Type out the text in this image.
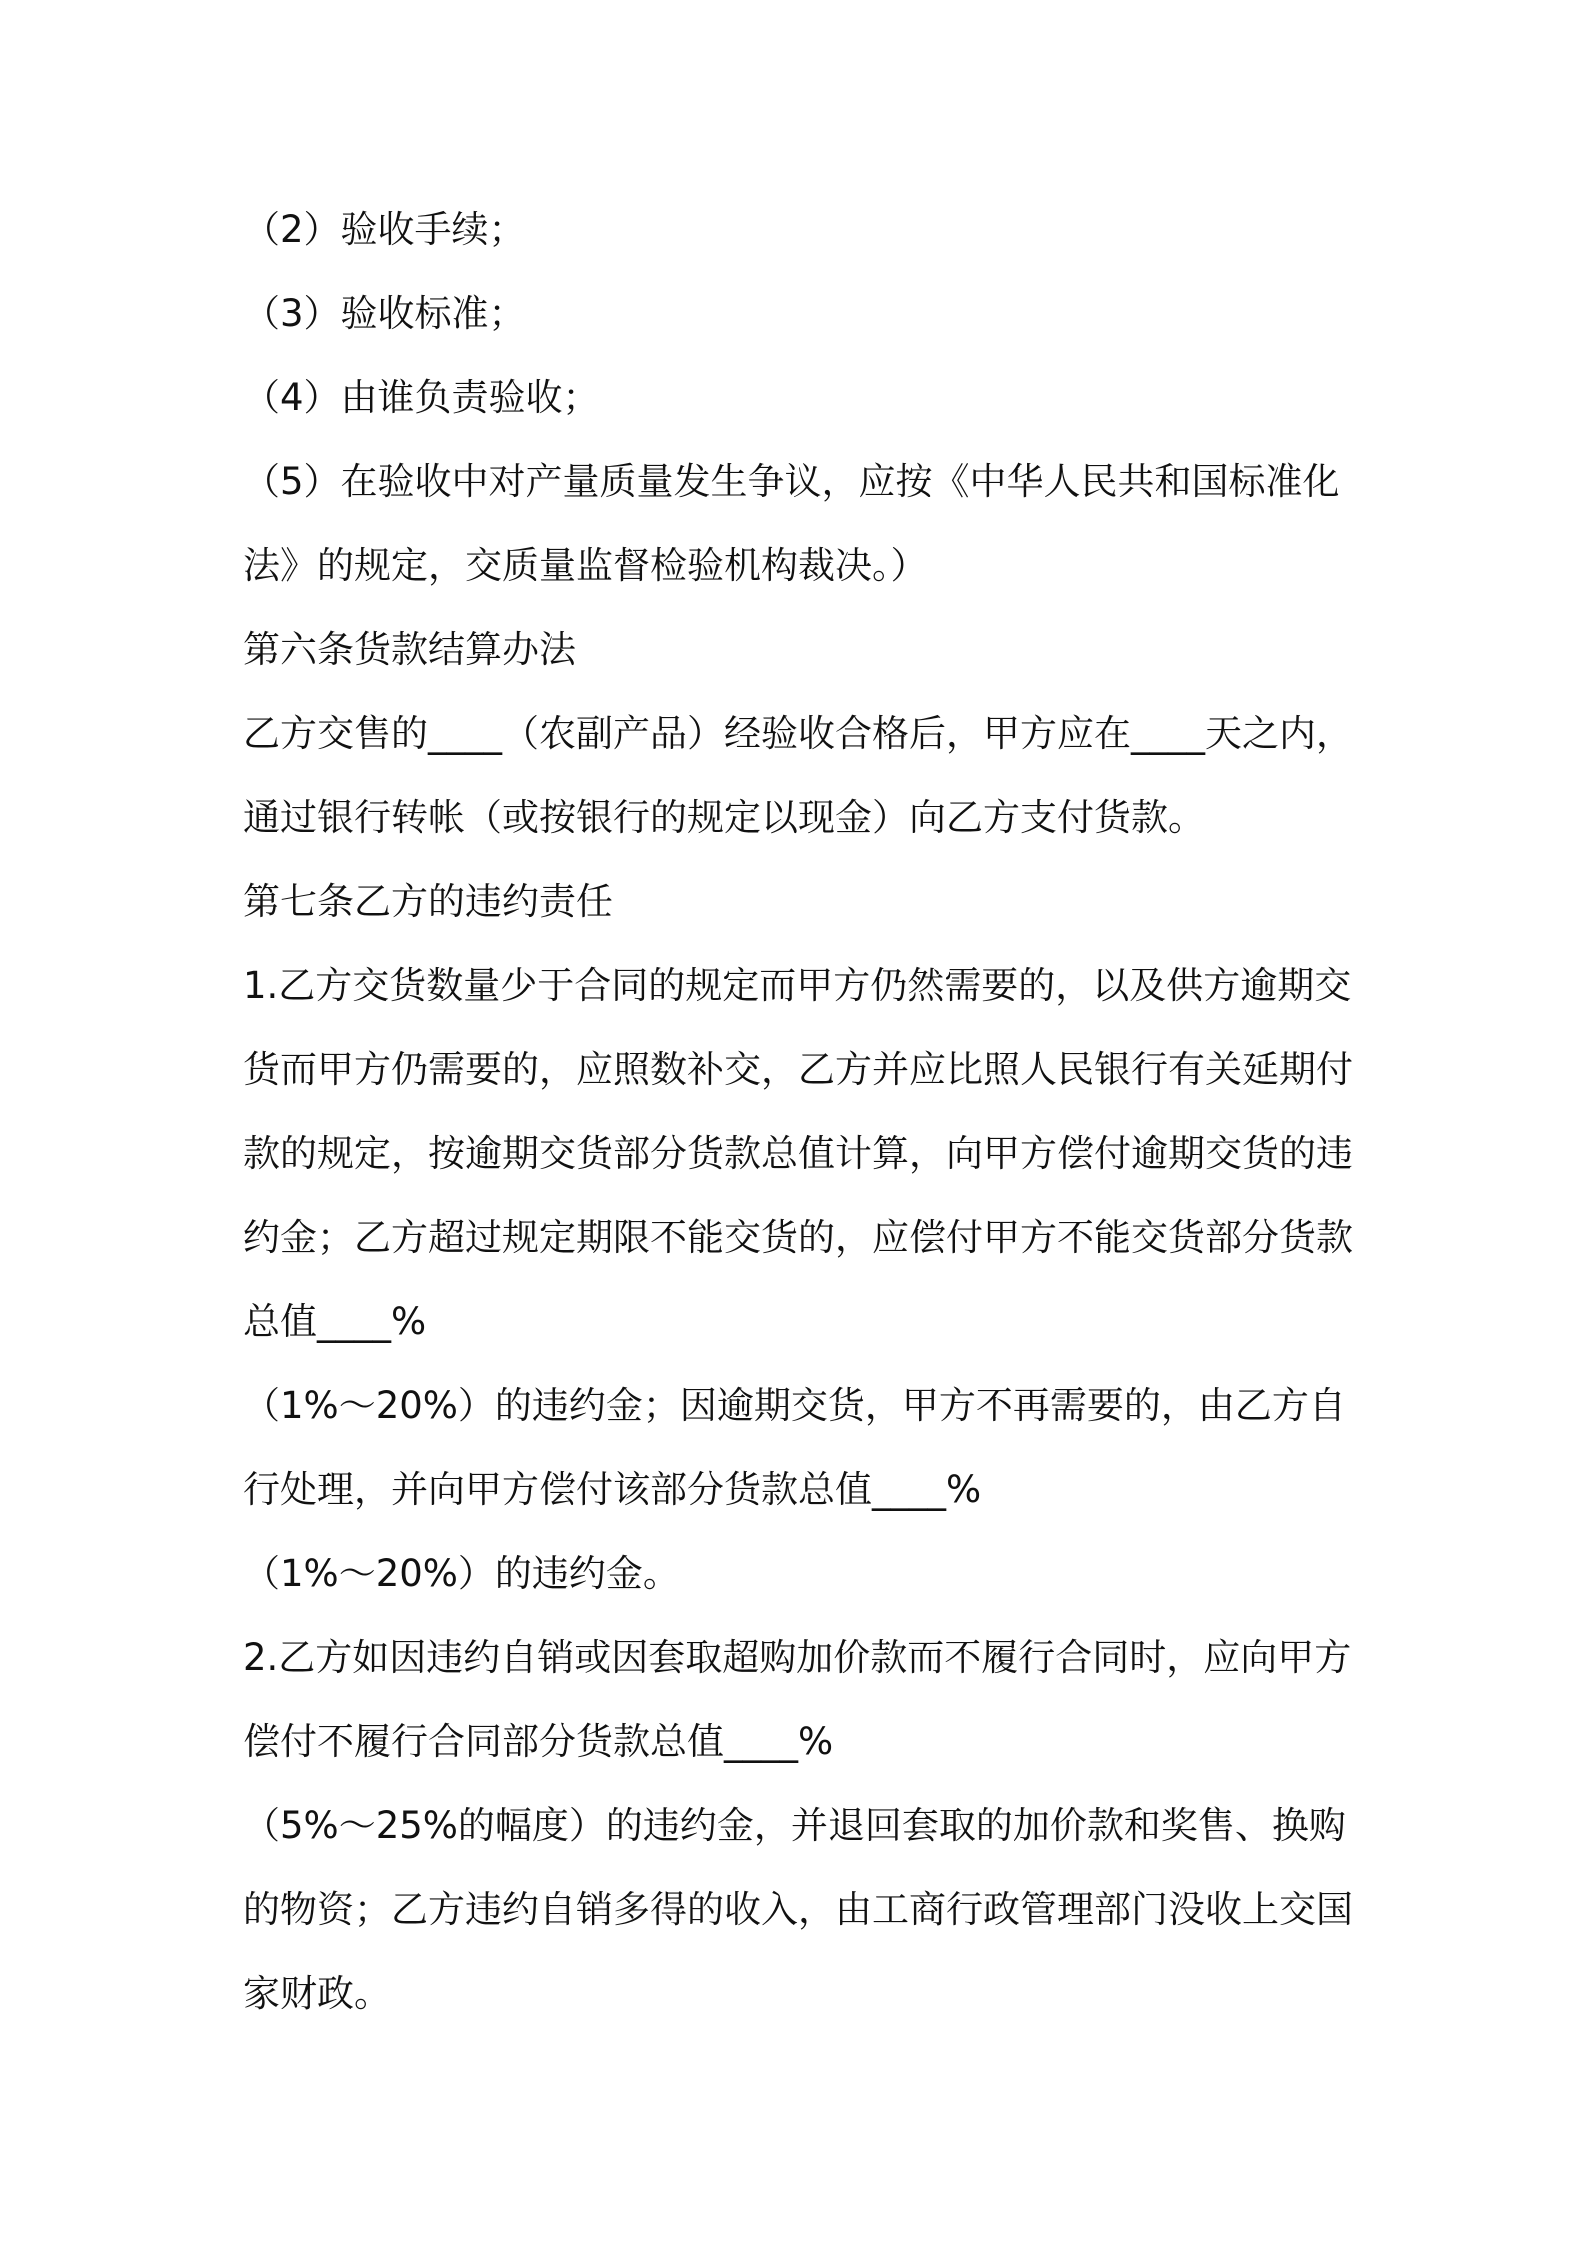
（2）验收手续；
（3）验收标准；
（4）由谁负责验收；
（5）在验收中对产量质量发生争议，应按《中华人民共和国标准化
法》的规定，交质量监督检验机构裁决。）
第六条货款结算办法
乙方交售的____（农副产品）经验收合格后，甲方应在____天之内，
通过银行转帐（或按银行的规定以现金）向乙方支付货款。
第七条乙方的违约责任
1.乙方交货数量少于合同的规定而甲方仍然需要的，以及供方逾期交
货而甲方仍需要的，应照数补交，乙方并应比照人民银行有关延期付
款的规定，按逾期交货部分货款总值计算，向甲方偿付逾期交货的违
约金；乙方超过规定期限不能交货的，应偿付甲方不能交货部分货款
总值____%
（1%～20%）的违约金；因逾期交货，甲方不再需要的，由乙方自
行处理，并向甲方偿付该部分货款总值____%
（1%～20%）的违约金。
2.乙方如因违约自销或因套取超购加价款而不履行合同时，应向甲方
偿付不履行合同部分货款总值____%
（5%～25%的幅度）的违约金，并退回套取的加价款和奖售、换购
的物资；乙方违约自销多得的收入，由工商行政管理部门没收上交国
家财政。
